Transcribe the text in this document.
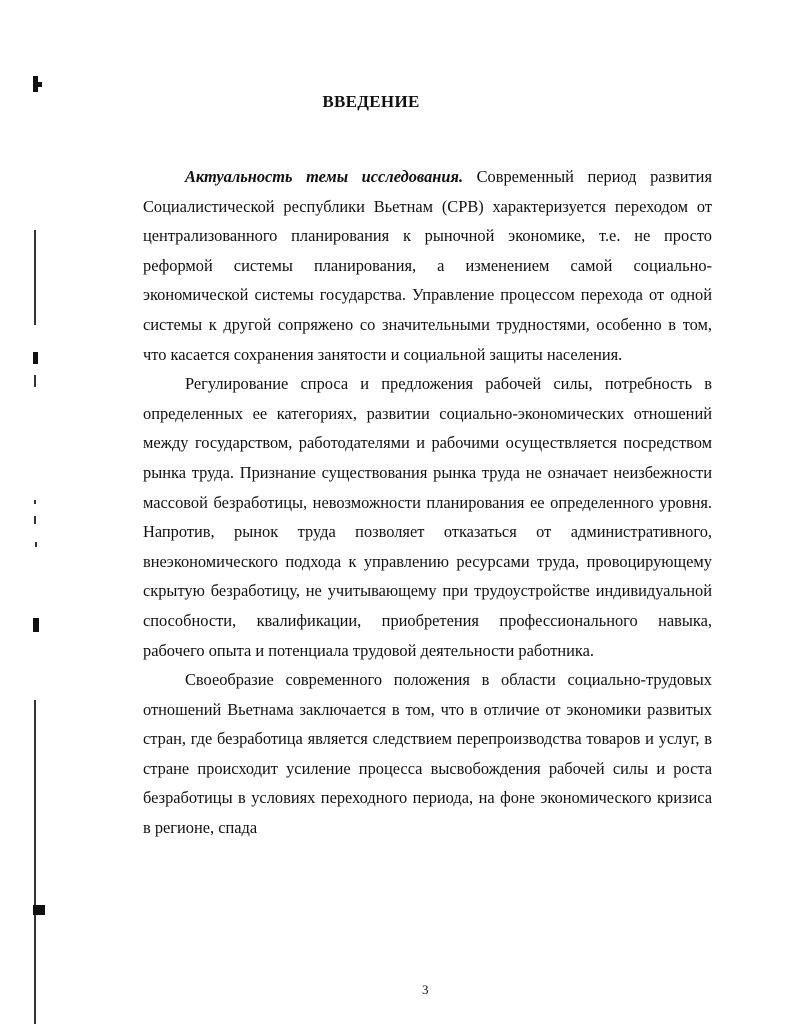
ВВЕДЕНИЕ

Актуальность темы исследования. Современный период развития Социалистической республики Вьетнам (СРВ) характеризуется переходом от централизованного планирования к рыночной экономике, т.е. не просто реформой системы планирования, а изменением самой социально-экономической системы государства. Управление процессом перехода от одной системы к другой сопряжено со значительными трудностями, особенно в том, что касается сохранения занятости и социальной защиты населения.

Регулирование спроса и предложения рабочей силы, потребность в определенных ее категориях, развитии социально-экономических отношений между государством, работодателями и рабочими осуществляется посредством рынка труда. Признание существования рынка труда не означает неизбежности массовой безработицы, невозможности планирования ее определенного уровня. Напротив, рынок труда позволяет отказаться от административного, внеэкономического подхода к управлению ресурсами труда, провоцирующему скрытую безработицу, не учитывающему при трудоустройстве индивидуальной способности, квалификации, приобретения профессионального навыка, рабочего опыта и потенциала трудовой деятельности работника.

Своеобразие современного положения в области социально-трудовых отношений Вьетнама заключается в том, что в отличие от экономики развитых стран, где безработица является следствием перепроизводства товаров и услуг, в стране происходит усиление процесса высвобождения рабочей силы и роста безработицы в условиях переходного периода, на фоне экономического кризиса в регионе, спада

3
